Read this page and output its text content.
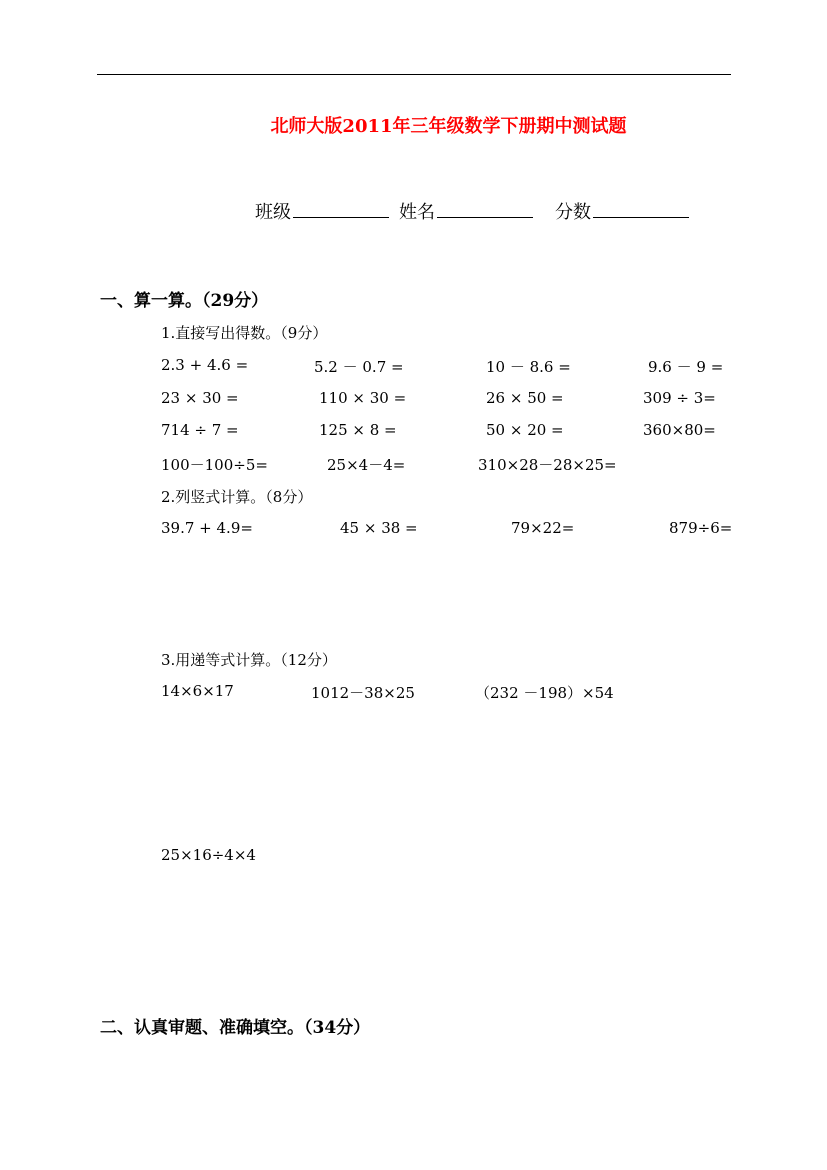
北师大版2011年三年级数学下册期中测试题
班级	姓名	分数
一、算一算。（29分）
1.直接写出得数。（9分）
2.3 + 4.6 =	5.2 － 0.7 =	10 － 8.6 =	9.6 － 9 =
23 × 30 =	110 × 30 =	26 × 50 =	309 ÷ 3=
714 ÷ 7 =	125 × 8 =	50 × 20 =	360×80=
100－100÷5=	25×4－4=	310×28－28×25=
2.列竖式计算。（8分）
39.7 + 4.9=	45 × 38 =	79×22=	879÷6=
3.用递等式计算。（12分）
14×6×17	1012－38×25	（232 －198）×54
25×16÷4×4
二、认真审题、准确填空。（34分）
